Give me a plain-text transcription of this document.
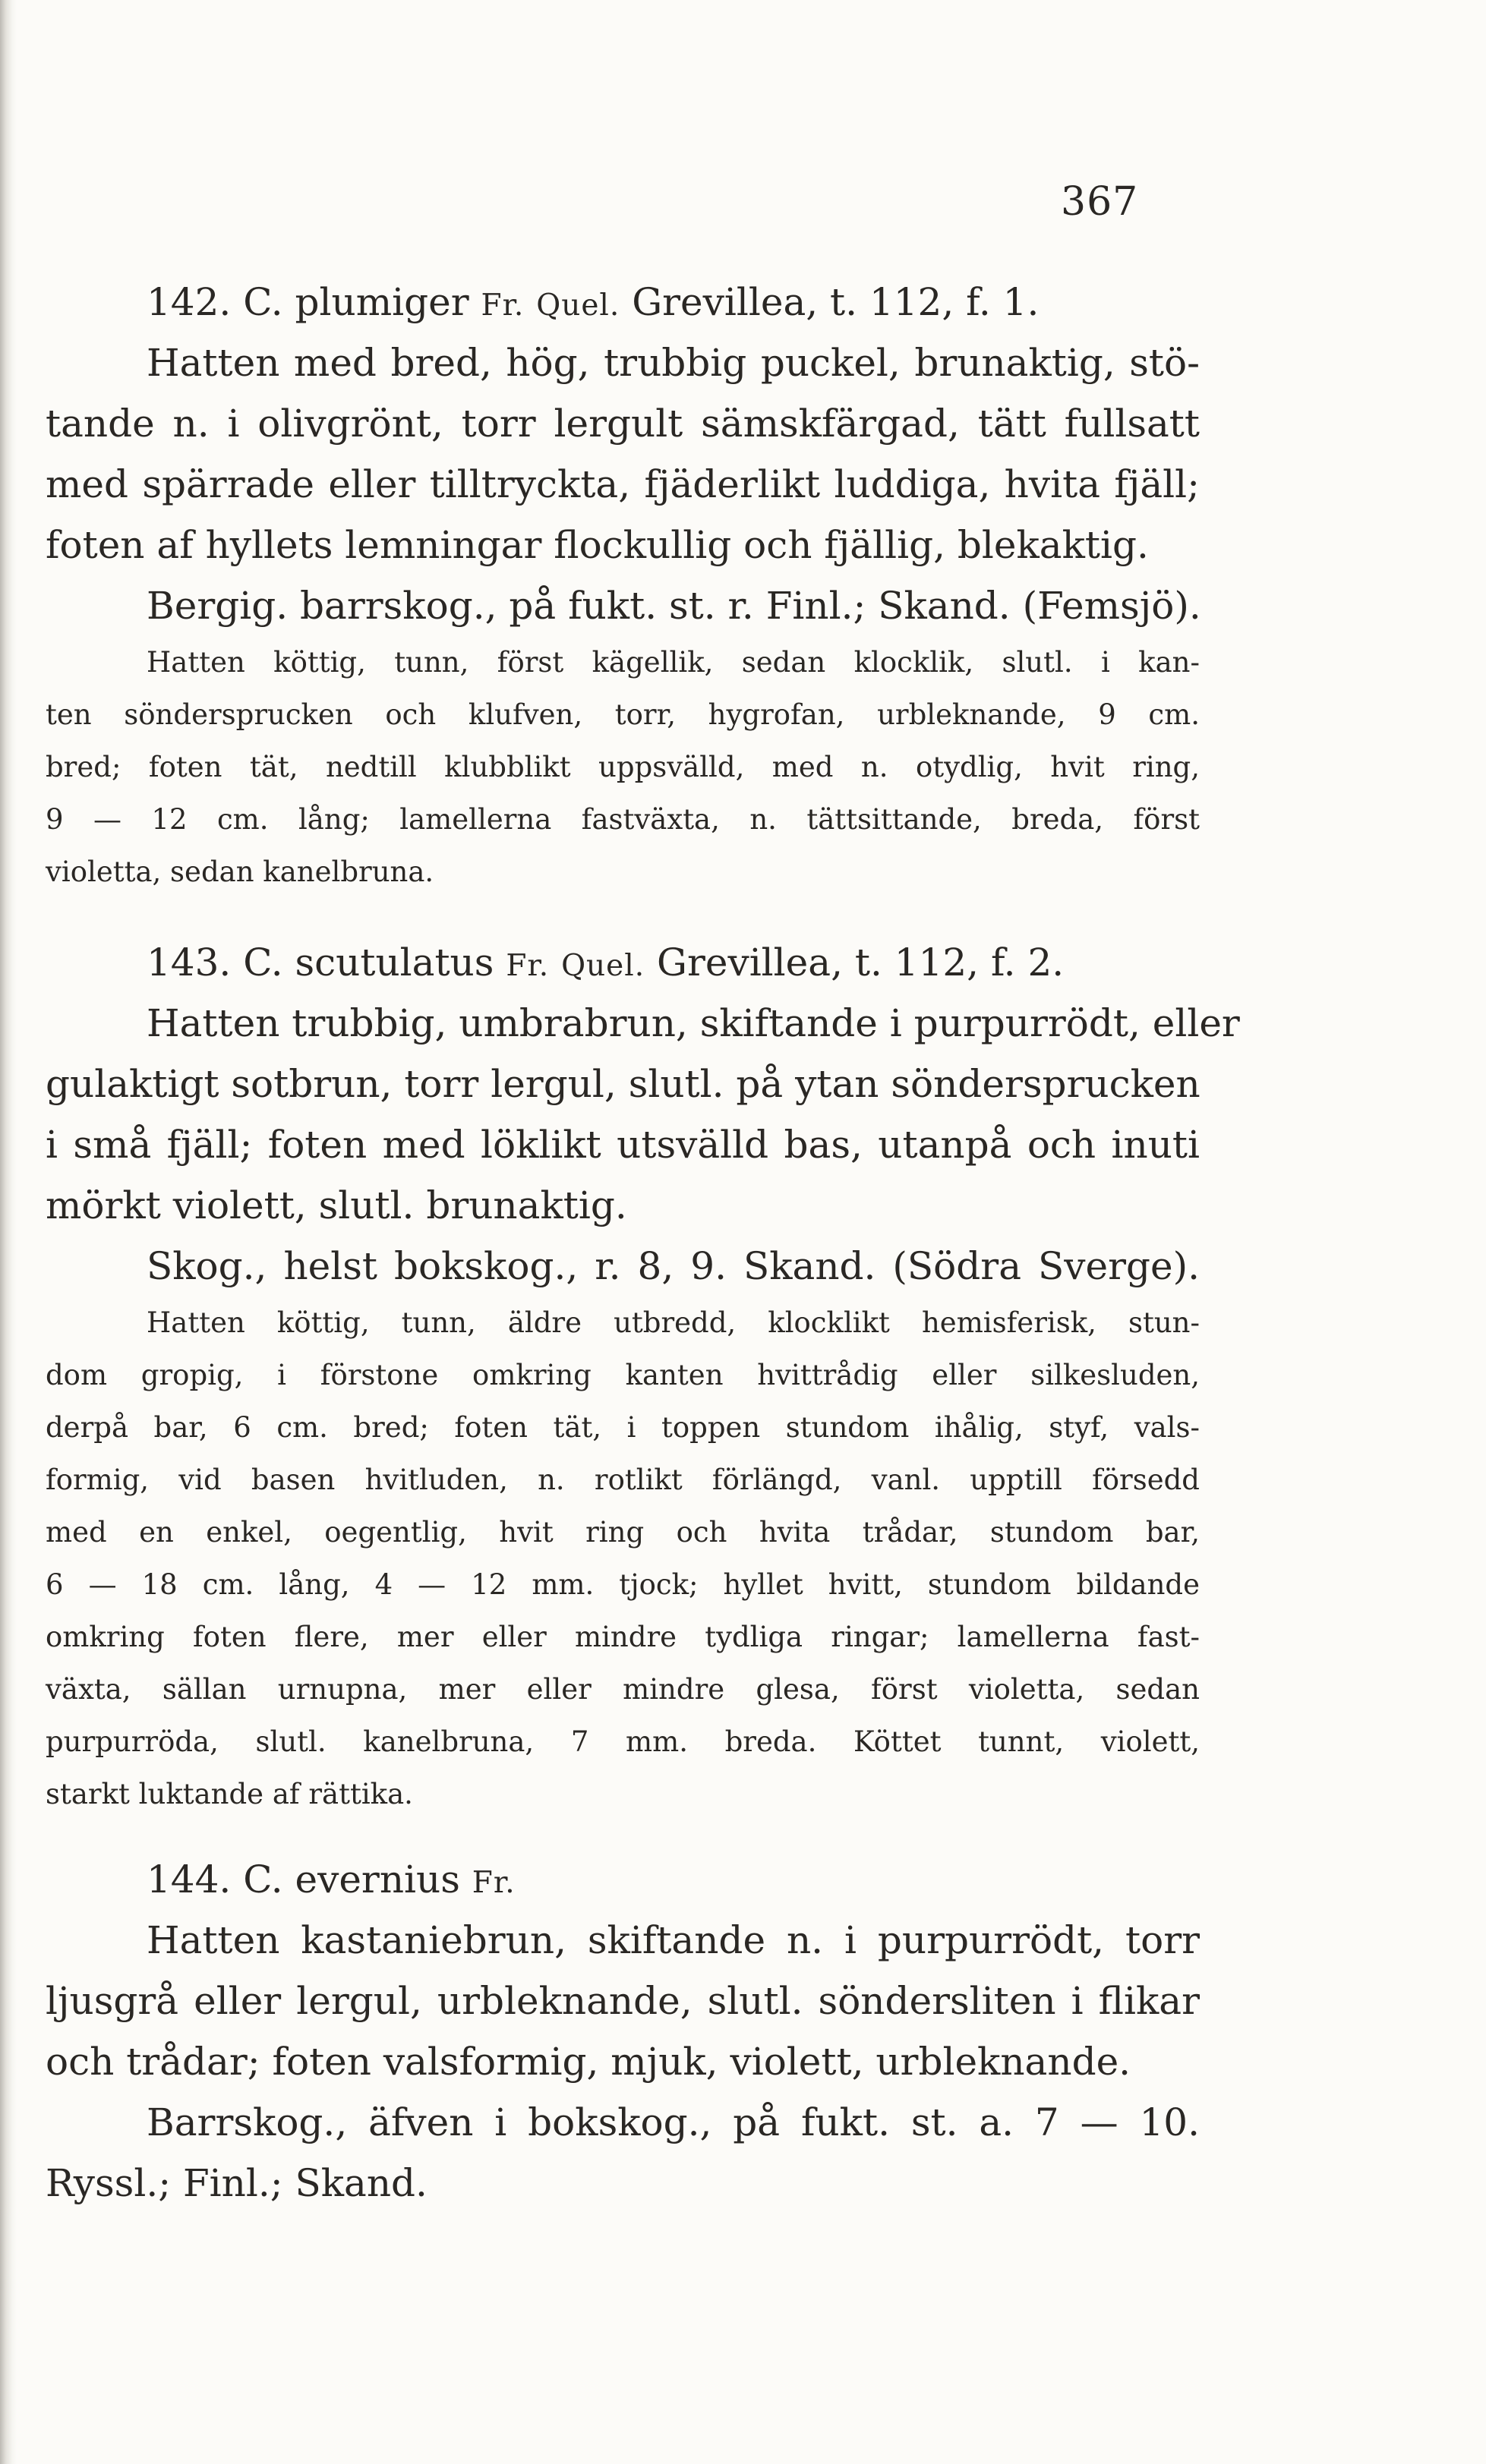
367
142. C. plumiger Fr. Quel. Grevillea, t. 112, f. 1.
Hatten med bred, hög, trubbig puckel, brunaktig, stö-
tande n. i olivgrönt, torr lergult sämskfärgad, tätt fullsatt
med spärrade eller tilltryckta, fjäderlikt luddiga, hvita fjäll;
foten af hyllets lemningar flockullig och fjällig, blekaktig.
Bergig. barrskog., på fukt. st. r. Finl.; Skand. (Femsjö).
Hatten köttig, tunn, först kägellik, sedan klocklik, slutl. i kan-
ten söndersprucken och klufven, torr, hygrofan, urbleknande, 9 cm.
bred; foten tät, nedtill klubblikt uppsvälld, med n. otydlig, hvit ring,
9 — 12 cm. lång; lamellerna fastväxta, n. tättsittande, breda, först
violetta, sedan kanelbruna.
143. C. scutulatus Fr. Quel. Grevillea, t. 112, f. 2.
Hatten trubbig, umbrabrun, skiftande i purpurrödt, eller
gulaktigt sotbrun, torr lergul, slutl. på ytan söndersprucken
i små fjäll; foten med löklikt utsvälld bas, utanpå och inuti
mörkt violett, slutl. brunaktig.
Skog., helst bokskog., r. 8, 9. Skand. (Södra Sverge).
Hatten köttig, tunn, äldre utbredd, klocklikt hemisferisk, stun-
dom gropig, i förstone omkring kanten hvittrådig eller silkesluden,
derpå bar, 6 cm. bred; foten tät, i toppen stundom ihålig, styf, vals-
formig, vid basen hvitluden, n. rotlikt förlängd, vanl. upptill försedd
med en enkel, oegentlig, hvit ring och hvita trådar, stundom bar,
6 — 18 cm. lång, 4 — 12 mm. tjock; hyllet hvitt, stundom bildande
omkring foten flere, mer eller mindre tydliga ringar; lamellerna fast-
växta, sällan urnupna, mer eller mindre glesa, först violetta, sedan
purpurröda, slutl. kanelbruna, 7 mm. breda. Köttet tunnt, violett,
starkt luktande af rättika.
144. C. evernius Fr.
Hatten kastaniebrun, skiftande n. i purpurrödt, torr
ljusgrå eller lergul, urbleknande, slutl. söndersliten i flikar
och trådar; foten valsformig, mjuk, violett, urbleknande.
Barrskog., äfven i bokskog., på fukt. st. a. 7 — 10.
Ryssl.; Finl.; Skand.
